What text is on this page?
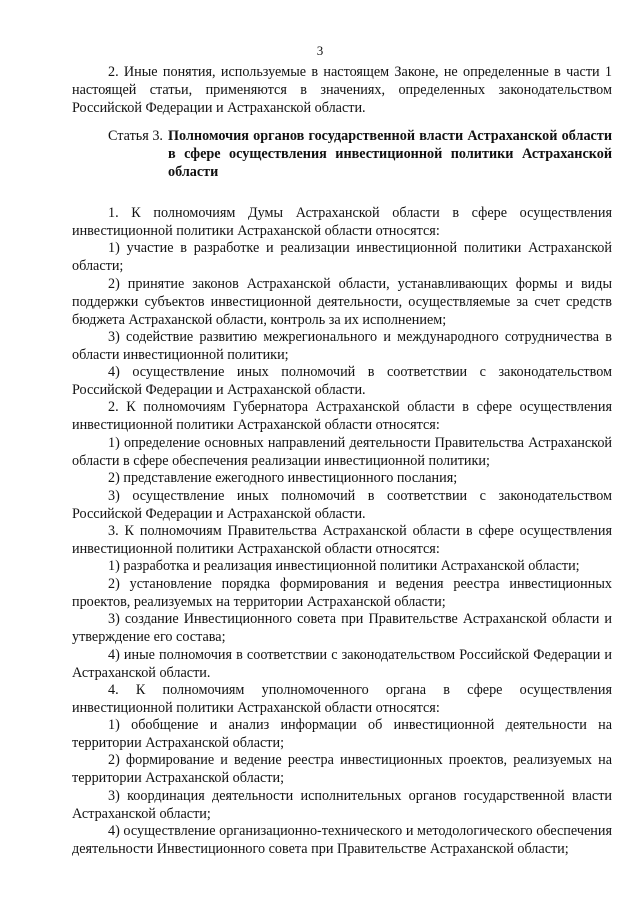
3

2. Иные понятия, используемые в настоящем Законе, не определенные в части 1 настоящей статьи, применяются в значениях, определенных законодательством Российской Федерации и Астраханской области.

Статья 3. Полномочия органов государственной власти Астраханской области в сфере осуществления инвестиционной политики Астраханской области

1. К полномочиям Думы Астраханской области в сфере осуществления инвестиционной политики Астраханской области относятся:

1) участие в разработке и реализации инвестиционной политики Астраханской области;

2) принятие законов Астраханской области, устанавливающих формы и виды поддержки субъектов инвестиционной деятельности, осуществляемые за счет средств бюджета Астраханской области, контроль за их исполнением;

3) содействие развитию межрегионального и международного сотрудничества в области инвестиционной политики;

4) осуществление иных полномочий в соответствии с законодательством Российской Федерации и Астраханской области.

2. К полномочиям Губернатора Астраханской области в сфере осуществления инвестиционной политики Астраханской области относятся:

1) определение основных направлений деятельности Правительства Астраханской области в сфере обеспечения реализации инвестиционной политики;

2) представление ежегодного инвестиционного послания;

3) осуществление иных полномочий в соответствии с законодательством Российской Федерации и Астраханской области.

3. К полномочиям Правительства Астраханской области в сфере осуществления инвестиционной политики Астраханской области относятся:

1) разработка и реализация инвестиционной политики Астраханской области;

2) установление порядка формирования и ведения реестра инвестиционных проектов, реализуемых на территории Астраханской области;

3) создание Инвестиционного совета при Правительстве Астраханской области и утверждение его состава;

4) иные полномочия в соответствии с законодательством Российской Федерации и Астраханской области.

4. К полномочиям уполномоченного органа в сфере осуществления инвестиционной политики Астраханской области относятся:

1) обобщение и анализ информации об инвестиционной деятельности на территории Астраханской области;

2) формирование и ведение реестра инвестиционных проектов, реализуемых на территории Астраханской области;

3) координация деятельности исполнительных органов государственной власти Астраханской области;

4) осуществление организационно-технического и методологического обеспечения деятельности Инвестиционного совета при Правительстве Астраханской области;
